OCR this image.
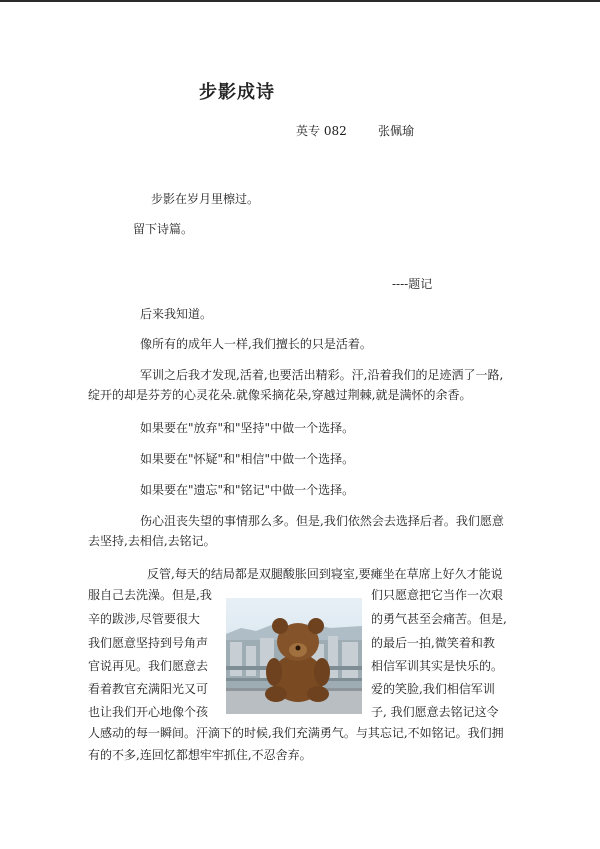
步影成诗
英专 082	张佩瑜
步影在岁月里檫过。
留下诗篇。
----题记
后来我知道。
像所有的成年人一样,我们擅长的只是活着。
军训之后我才发现,活着,也要活出精彩。汗,沿着我们的足迹洒了一路,
绽开的却是芬芳的心灵花朵.就像采摘花朵,穿越过荆棘,就是满怀的余香。
如果要在"放弃"和"坚持"中做一个选择。
如果要在"怀疑"和"相信"中做一个选择。
如果要在"遗忘"和"铭记"中做一个选择。
伤心沮丧失望的事情那么多。但是,我们依然会去选择后者。我们愿意
去坚持,去相信,去铭记。
反管,每天的结局都是双腿酸胀回到寝室,要瘫坐在草席上好久才能说
服自己去洗澡。但是,我
辛的跋涉,尽管要很大
我们愿意坚持到号角声
官说再见。我们愿意去
看着教官充满阳光又可
也让我们开心地像个孩
们只愿意把它当作一次艰
的勇气甚至会痛苦。但是,
的最后一拍,微笑着和教
相信军训其实是快乐的。
爱的笑脸,我们相信军训
子, 我们愿意去铭记这令
人感动的每一瞬间。汗滴下的时候,我们充满勇气。与其忘记,不如铭记。我们拥
有的不多,连回忆都想牢牢抓住,不忍舍弃。
